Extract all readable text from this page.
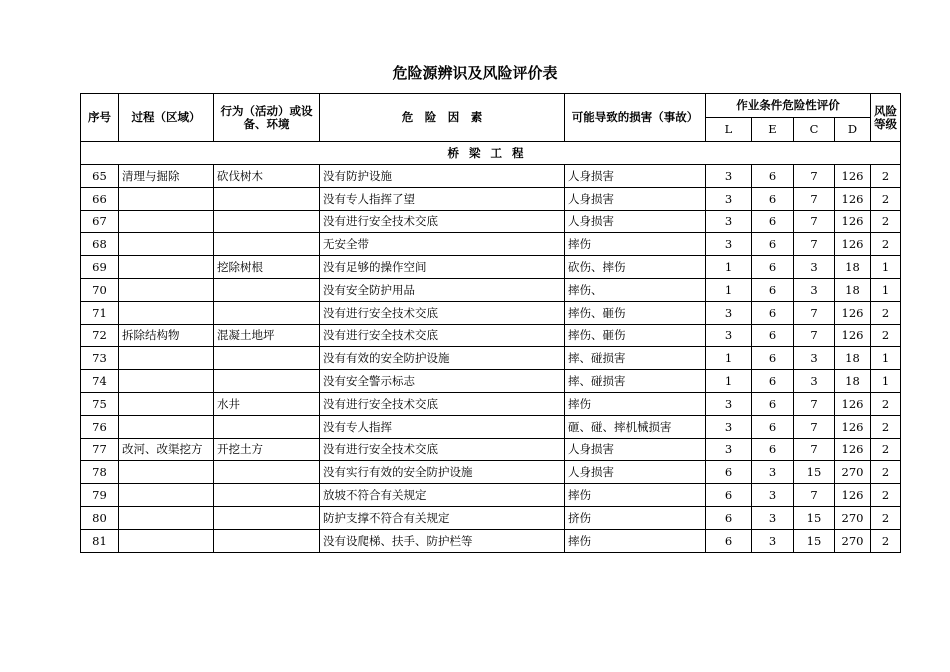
危险源辨识及风险评价表
序号	过程（区域）	行为（活动）或设备、环境	危　险　因　素	可能导致的损害（事故）	作业条件危险性评价				风险等级
					L	E	C	D	
桥梁工程									
65	清理与掘除	砍伐树木	没有防护设施	人身损害	3	6	7	126	2
66			没有专人指挥了望	人身损害	3	6	7	126	2
67			没有进行安全技术交底	人身损害	3	6	7	126	2
68			无安全带	摔伤	3	6	7	126	2
69		挖除树根	没有足够的操作空间	砍伤、摔伤	1	6	3	18	1
70			没有安全防护用品	摔伤、	1	6	3	18	1
71			没有进行安全技术交底	摔伤、砸伤	3	6	7	126	2
72	拆除结构物	混凝土地坪	没有进行安全技术交底	摔伤、砸伤	3	6	7	126	2
73			没有有效的安全防护设施	摔、碰损害	1	6	3	18	1
74			没有安全警示标志	摔、碰损害	1	6	3	18	1
75		水井	没有进行安全技术交底	摔伤	3	6	7	126	2
76			没有专人指挥	砸、碰、摔机械损害	3	6	7	126	2
77	改河、改渠挖方	开挖土方	没有进行安全技术交底	人身损害	3	6	7	126	2
78			没有实行有效的安全防护设施	人身损害	6	3	15	270	2
79			放坡不符合有关规定	摔伤	6	3	7	126	2
80			防护支撑不符合有关规定	挤伤	6	3	15	270	2
81			没有设爬梯、扶手、防护栏等	摔伤	6	3	15	270	2
